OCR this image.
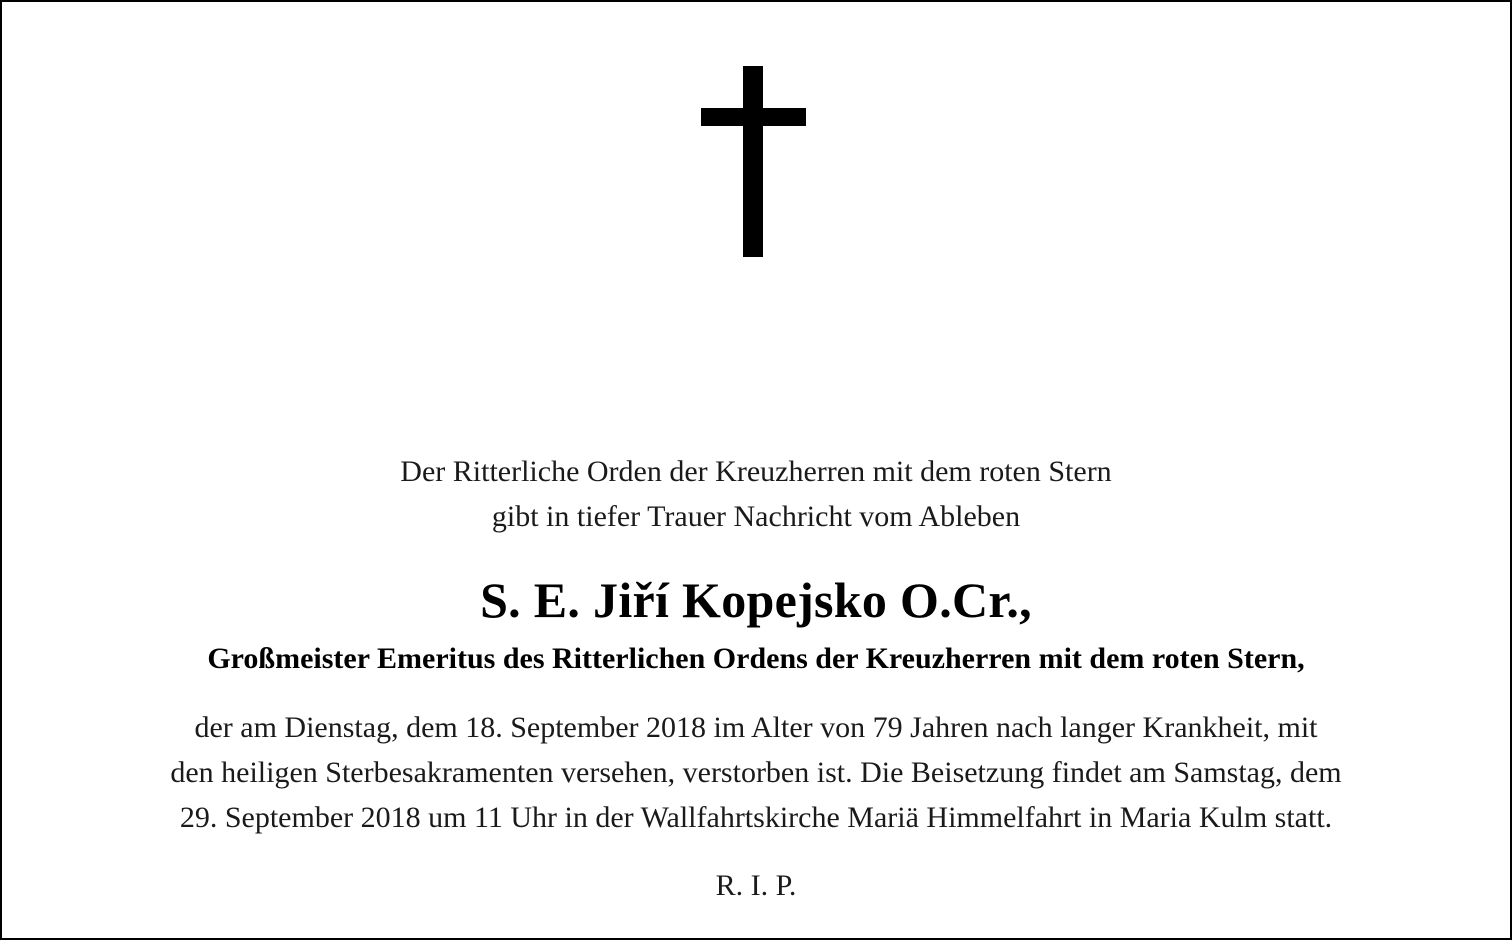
Der Ritterliche Orden der Kreuzherren mit dem roten Stern
gibt in tiefer Trauer Nachricht vom Ableben
S. E. Jiří Kopejsko O.Cr.,
Großmeister Emeritus des Ritterlichen Ordens der Kreuzherren mit dem roten Stern,
der am Dienstag, dem 18. September 2018 im Alter von 79 Jahren nach langer Krankheit, mit
den heiligen Sterbesakramenten versehen, verstorben ist. Die Beisetzung findet am Samstag, dem
29. September 2018 um 11 Uhr in der Wallfahrtskirche Mariä Himmelfahrt in Maria Kulm statt.
R. I. P.
